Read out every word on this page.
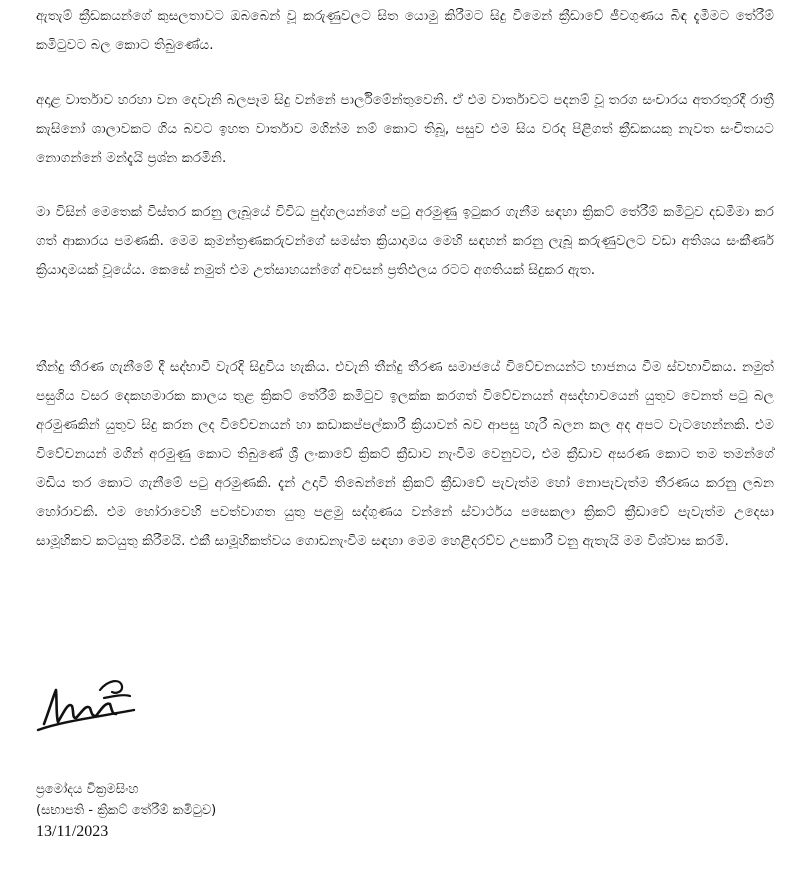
ඇතැම් ක්‍රීඩකයන්ගේ කුසලතාවට ඔබබෙන් වූ කරුණුවලට සිත යොමු කිරීමට සිදු වීමෙන් ක්‍රීඩාවේ ජීවගුණය බිඳ දැමීමට තේරීම් කමිටුවට බල කොට තිබුණේය.

අදාළ වාර්තාව හරහා වන දෙවැනි බලපෑම සිදු වන්නේ පාර්ලිමේන්තුවෙනි. ඒ එම වාර්තාවට පදනම් වූ තරග සංචාරය අතරතුරදී රාත්‍රී කැසිනෝ ශාලාවකට ගිය බවට ඉහත වාර්තාව මගින්ම නම් කොට තිබූ, පසුව එම සිය වරද පිළිගත් ක්‍රීඩකයකු නැවත සංචිතයට නොගන්නේ මන්දැයි ප්‍රශ්න කරමිනි.

මා විසින් මෙතෙක් විස්තර කරනු ලැබූයේ විවිධ පුද්ගලයන්ගේ පටු අරමුණු ඉටුකර ගැනීම සඳහා ක්‍රිකට් තේරීම් කමිටුව දඩමීමා කර ගත් ආකාරය පමණකි. මෙම කුමන්ත්‍රණකරුවන්ගේ සමස්ත ක්‍රියාදාමය මෙහි සඳහන් කරනු ලැබූ කරුණුවලට වඩා අතිශය සංකීර්ණ ක්‍රියාදාමයක් වූයේය. කෙසේ නමුත් එම උත්සාහයන්ගේ අවසන් ප්‍රතිඵලය රටට අගතියක් සිදුකර ඇත.

තීන්දු තීරණ ගැනීමේ දී සද්භාවී වැරදි සිදුවිය හැකිය. එවැනි තීන්දු තීරණ සමාජයේ විවේචනයන්ට භාජනය වීම ස්වභාවිකය. නමුත් පසුගිය වසර දෙකහමාරක කාලය තුළ ක්‍රිකට් තේරීම් කමිටුව ඉලක්ක කරගත් විවේචනයන් අසද්භාවයෙන් යුතුව වෙනත් පටු බල අරමුණකින් යුතුව සිදු කරන ලද විවේචනයන් හා කඩාකප්පල්කාරී ක්‍රියාවන් බව ආපසු හැරී බලන කල අද අපට වැටහෙන්නකි. එම විවේචනයන් මගින් අරමුණු කොට තිබුණේ ශ්‍රී ලංකාවේ ක්‍රිකට් ක්‍රීඩාව නැංවීම වෙනුවට, එම ක්‍රීඩාව අසරණ කොට තම තමන්ගේ මඩිය තර කොට ගැනීමේ පටු අරමුණකි. දැන් උදාවී තිබෙන්නේ ක්‍රිකට් ක්‍රීඩාවේ පැවැත්ම හෝ නොපැවැත්ම තීරණය කරනු ලබන හෝරාවකි. එම හෝරාවෙහි පවත්වාගත යුතු පළමු සද්ගුණය වන්නේ ස්වාර්ථය පසෙකලා ක්‍රිකට් ක්‍රීඩාවේ පැවැත්ම උදෙසා සාමූහිකව කටයුතු කිරීමයි. එකී සාමූහිකත්වය ගොඩනැංවීම සඳහා මෙම හෙළිදරව්ව උපකාරී වනු ඇතැයි මම විශ්වාස කරමි.

ප්‍රමෝදය වික්‍රමසිංහ
(සභාපති - ක්‍රිකට් තේරීම් කමිටුව)
13/11/2023
